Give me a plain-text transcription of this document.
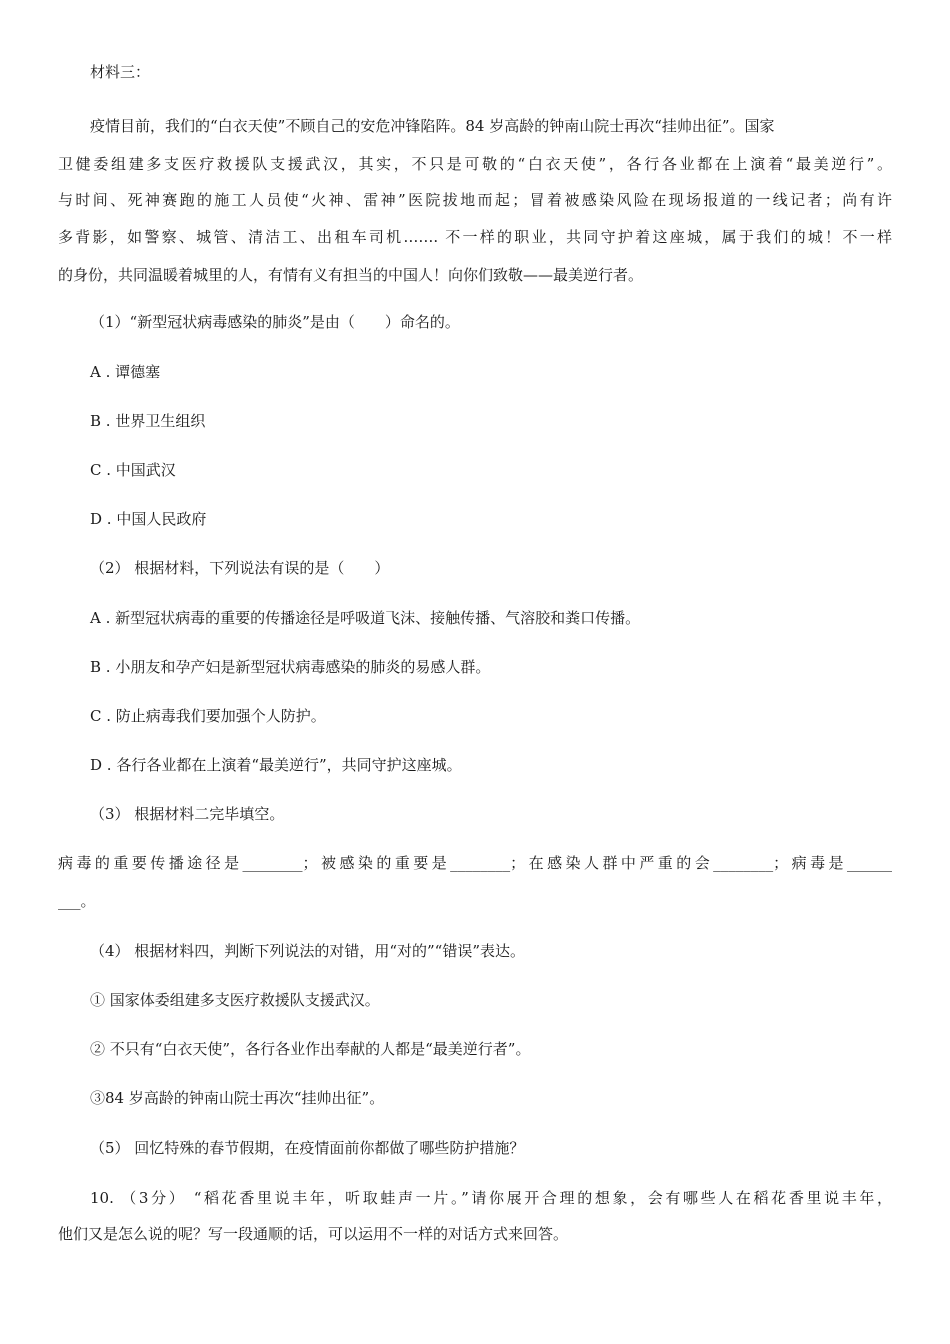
材料三：
疫情目前，我们的“白衣天使”不顾自己的安危冲锋陷阵。84 岁高龄的钟南山院士再次“挂帅出征”。国家
卫健委组建多支医疗救援队支援武汉，其实，不只是可敬的“白衣天使”，各行各业都在上演着“最美逆行”。
与时间、死神赛跑的施工人员使“火神、雷神”医院拔地而起；冒着被感染风险在现场报道的一线记者；尚有许
多背影，如警察、城管、清洁工、出租车司机……. 不一样的职业，共同守护着这座城，属于我们的城！不一样
的身份，共同温暖着城里的人，有情有义有担当的中国人！向你们致敬——最美逆行者。
（1）“新型冠状病毒感染的肺炎”是由（　　）命名的。
A . 谭德塞
B . 世界卫生组织
C . 中国武汉
D . 中国人民政府
（2） 根据材料，下列说法有误的是（　　）
A . 新型冠状病毒的重要的传播途径是呼吸道飞沫、接触传播、气溶胶和粪口传播。
B . 小朋友和孕产妇是新型冠状病毒感染的肺炎的易感人群。
C . 防止病毒我们要加强个人防护。
D . 各行各业都在上演着“最美逆行”，共同守护这座城。
（3） 根据材料二完毕填空。
病毒的重要传播途径是________；被感染的重要是________；在感染人群中严重的会________；病毒是______
___。
（4） 根据材料四，判断下列说法的对错，用“对的”“错误”表达。
① 国家体委组建多支医疗救援队支援武汉。
② 不只有“白衣天使”，各行各业作出奉献的人都是“最美逆行者”。
③84 岁高龄的钟南山院士再次“挂帅出征”。
（5） 回忆特殊的春节假期，在疫情面前你都做了哪些防护措施？
10. （3分） “稻花香里说丰年，听取蛙声一片。”请你展开合理的想象，会有哪些人在稻花香里说丰年，
他们又是怎么说的呢？写一段通顺的话，可以运用不一样的对话方式来回答。
